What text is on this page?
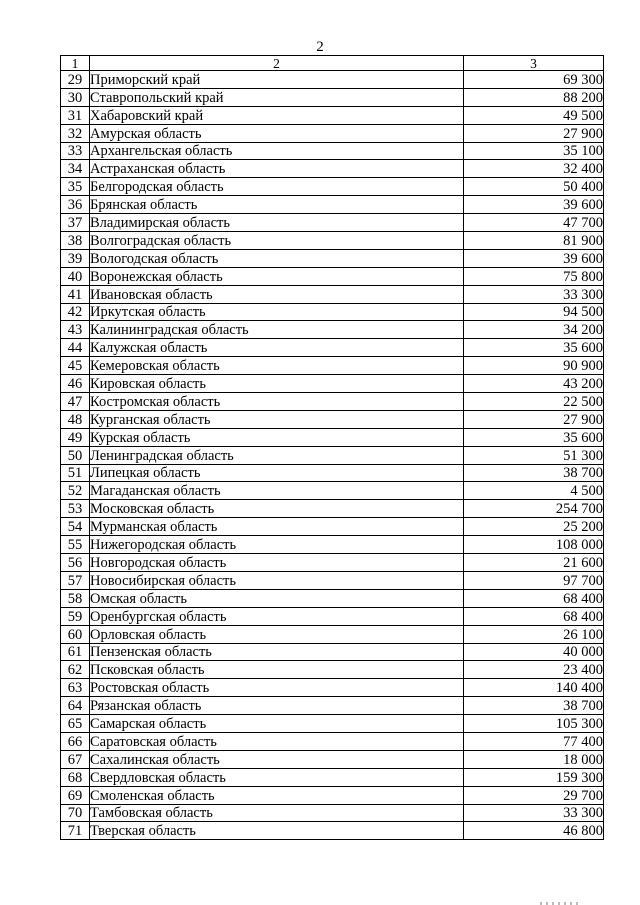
2
1	2	3
29	Приморский край	69 300
30	Ставропольский край	88 200
31	Хабаровский край	49 500
32	Амурская область	27 900
33	Архангельская область	35 100
34	Астраханская область	32 400
35	Белгородская область	50 400
36	Брянская область	39 600
37	Владимирская область	47 700
38	Волгоградская область	81 900
39	Вологодская область	39 600
40	Воронежская область	75 800
41	Ивановская область	33 300
42	Иркутская область	94 500
43	Калининградская область	34 200
44	Калужская область	35 600
45	Кемеровская область	90 900
46	Кировская область	43 200
47	Костромская область	22 500
48	Курганская область	27 900
49	Курская область	35 600
50	Ленинградская область	51 300
51	Липецкая область	38 700
52	Магаданская область	4 500
53	Московская область	254 700
54	Мурманская область	25 200
55	Нижегородская область	108 000
56	Новгородская область	21 600
57	Новосибирская область	97 700
58	Омская область	68 400
59	Оренбургская область	68 400
60	Орловская область	26 100
61	Пензенская область	40 000
62	Псковская область	23 400
63	Ростовская область	140 400
64	Рязанская область	38 700
65	Самарская область	105 300
66	Саратовская область	77 400
67	Сахалинская область	18 000
68	Свердловская область	159 300
69	Смоленская область	29 700
70	Тамбовская область	33 300
71	Тверская область	46 800
